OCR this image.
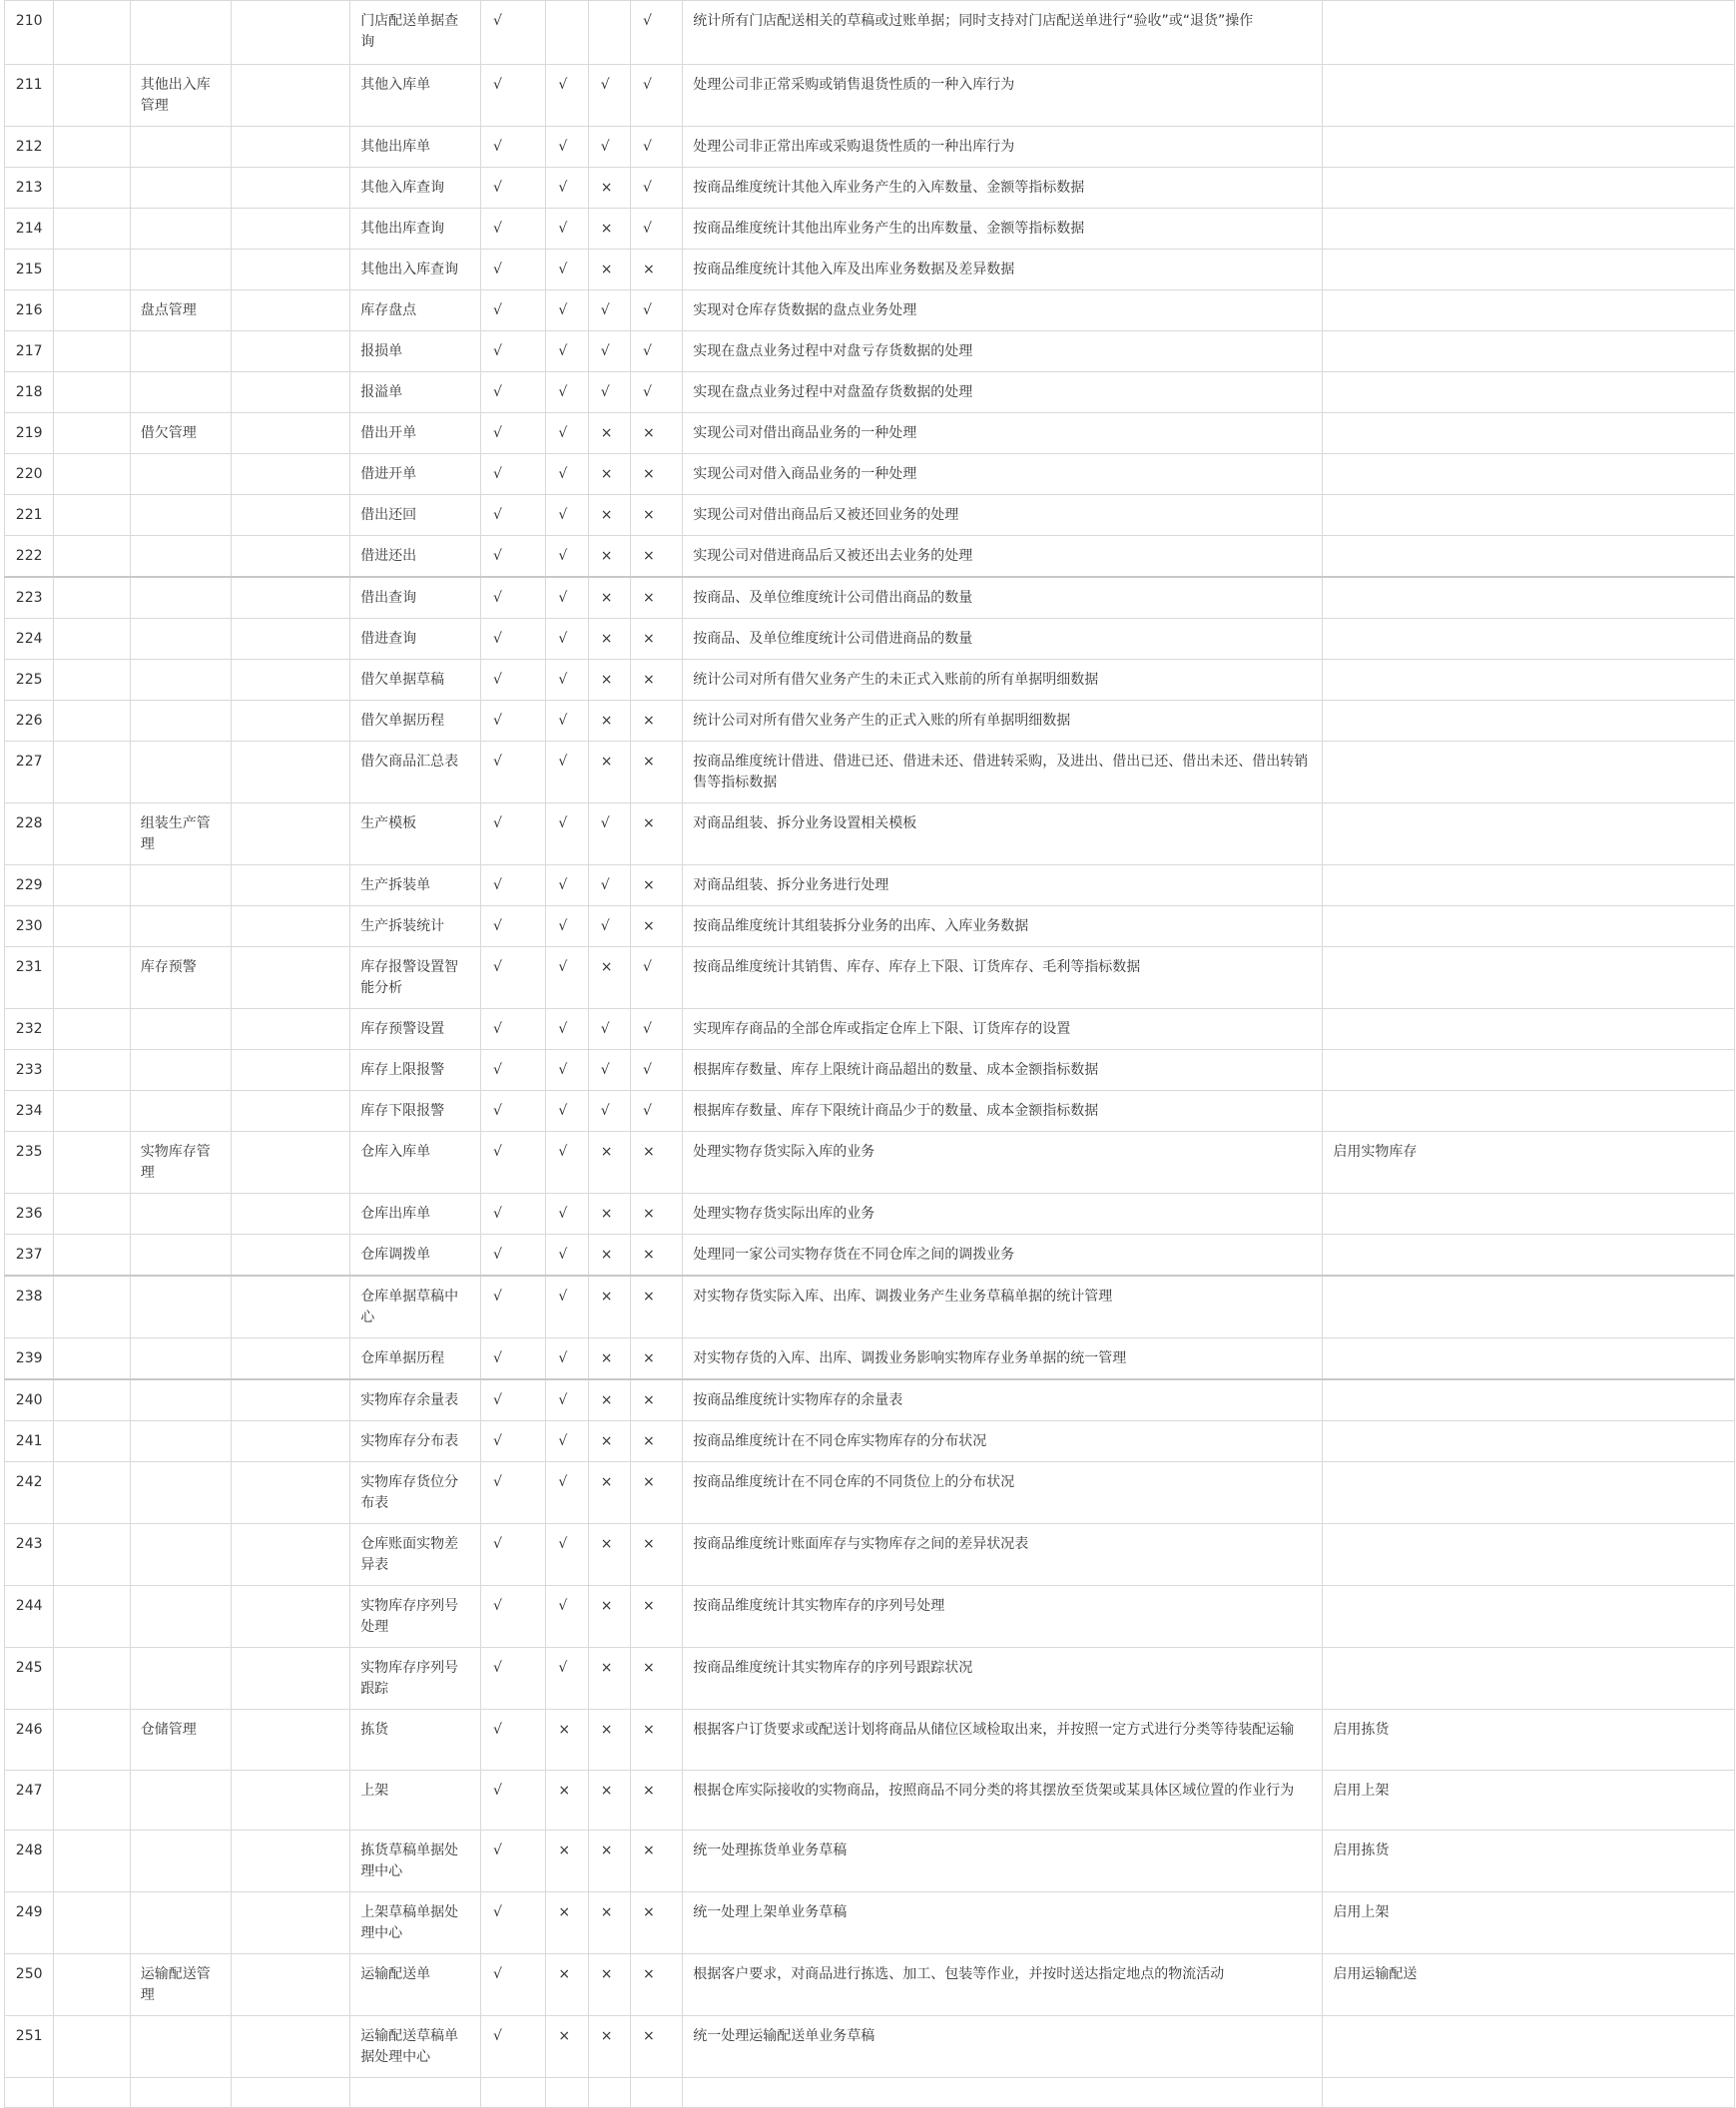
210				门店配送单据查询	√			√	统计所有门店配送相关的草稿或过账单据；同时支持对门店配送单进行“验收”或“退货”操作	
211		其他出入库管理		其他入库单	√	√	√	√	处理公司非正常采购或销售退货性质的一种入库行为	
212				其他出库单	√	√	√	√	处理公司非正常出库或采购退货性质的一种出库行为	
213				其他入库查询	√	√	×	√	按商品维度统计其他入库业务产生的入库数量、金额等指标数据	
214				其他出库查询	√	√	×	√	按商品维度统计其他出库业务产生的出库数量、金额等指标数据	
215				其他出入库查询	√	√	×	×	按商品维度统计其他入库及出库业务数据及差异数据	
216		盘点管理		库存盘点	√	√	√	√	实现对仓库存货数据的盘点业务处理	
217				报损单	√	√	√	√	实现在盘点业务过程中对盘亏存货数据的处理	
218				报溢单	√	√	√	√	实现在盘点业务过程中对盘盈存货数据的处理	
219		借欠管理		借出开单	√	√	×	×	实现公司对借出商品业务的一种处理	
220				借进开单	√	√	×	×	实现公司对借入商品业务的一种处理	
221				借出还回	√	√	×	×	实现公司对借出商品后又被还回业务的处理	
222				借进还出	√	√	×	×	实现公司对借进商品后又被还出去业务的处理	
223				借出查询	√	√	×	×	按商品、及单位维度统计公司借出商品的数量	
224				借进查询	√	√	×	×	按商品、及单位维度统计公司借进商品的数量	
225				借欠单据草稿	√	√	×	×	统计公司对所有借欠业务产生的未正式入账前的所有单据明细数据	
226				借欠单据历程	√	√	×	×	统计公司对所有借欠业务产生的正式入账的所有单据明细数据	
227				借欠商品汇总表	√	√	×	×	按商品维度统计借进、借进已还、借进未还、借进转采购，及进出、借出已还、借出未还、借出转销售等指标数据	
228		组装生产管理		生产模板	√	√	√	×	对商品组装、拆分业务设置相关模板	
229				生产拆装单	√	√	√	×	对商品组装、拆分业务进行处理	
230				生产拆装统计	√	√	√	×	按商品维度统计其组装拆分业务的出库、入库业务数据	
231		库存预警		库存报警设置智能分析	√	√	×	√	按商品维度统计其销售、库存、库存上下限、订货库存、毛利等指标数据	
232				库存预警设置	√	√	√	√	实现库存商品的全部仓库或指定仓库上下限、订货库存的设置	
233				库存上限报警	√	√	√	√	根据库存数量、库存上限统计商品超出的数量、成本金额指标数据	
234				库存下限报警	√	√	√	√	根据库存数量、库存下限统计商品少于的数量、成本金额指标数据	
235		实物库存管理		仓库入库单	√	√	×	×	处理实物存货实际入库的业务	启用实物库存
236				仓库出库单	√	√	×	×	处理实物存货实际出库的业务	
237				仓库调拨单	√	√	×	×	处理同一家公司实物存货在不同仓库之间的调拨业务	
238				仓库单据草稿中心	√	√	×	×	对实物存货实际入库、出库、调拨业务产生业务草稿单据的统计管理	
239				仓库单据历程	√	√	×	×	对实物存货的入库、出库、调拨业务影响实物库存业务单据的统一管理	
240				实物库存余量表	√	√	×	×	按商品维度统计实物库存的余量表	
241				实物库存分布表	√	√	×	×	按商品维度统计在不同仓库实物库存的分布状况	
242				实物库存货位分布表	√	√	×	×	按商品维度统计在不同仓库的不同货位上的分布状况	
243				仓库账面实物差异表	√	√	×	×	按商品维度统计账面库存与实物库存之间的差异状况表	
244				实物库存序列号处理	√	√	×	×	按商品维度统计其实物库存的序列号处理	
245				实物库存序列号跟踪	√	√	×	×	按商品维度统计其实物库存的序列号跟踪状况	
246		仓储管理		拣货	√	×	×	×	根据客户订货要求或配送计划将商品从储位区域检取出来，并按照一定方式进行分类等待装配运输	启用拣货
247				上架	√	×	×	×	根据仓库实际接收的实物商品，按照商品不同分类的将其摆放至货架或某具体区域位置的作业行为	启用上架
248				拣货草稿单据处理中心	√	×	×	×	统一处理拣货单业务草稿	启用拣货
249				上架草稿单据处理中心	√	×	×	×	统一处理上架单业务草稿	启用上架
250		运输配送管理		运输配送单	√	×	×	×	根据客户要求，对商品进行拣选、加工、包装等作业，并按时送达指定地点的物流活动	启用运输配送
251				运输配送草稿单据处理中心	√	×	×	×	统一处理运输配送单业务草稿	
